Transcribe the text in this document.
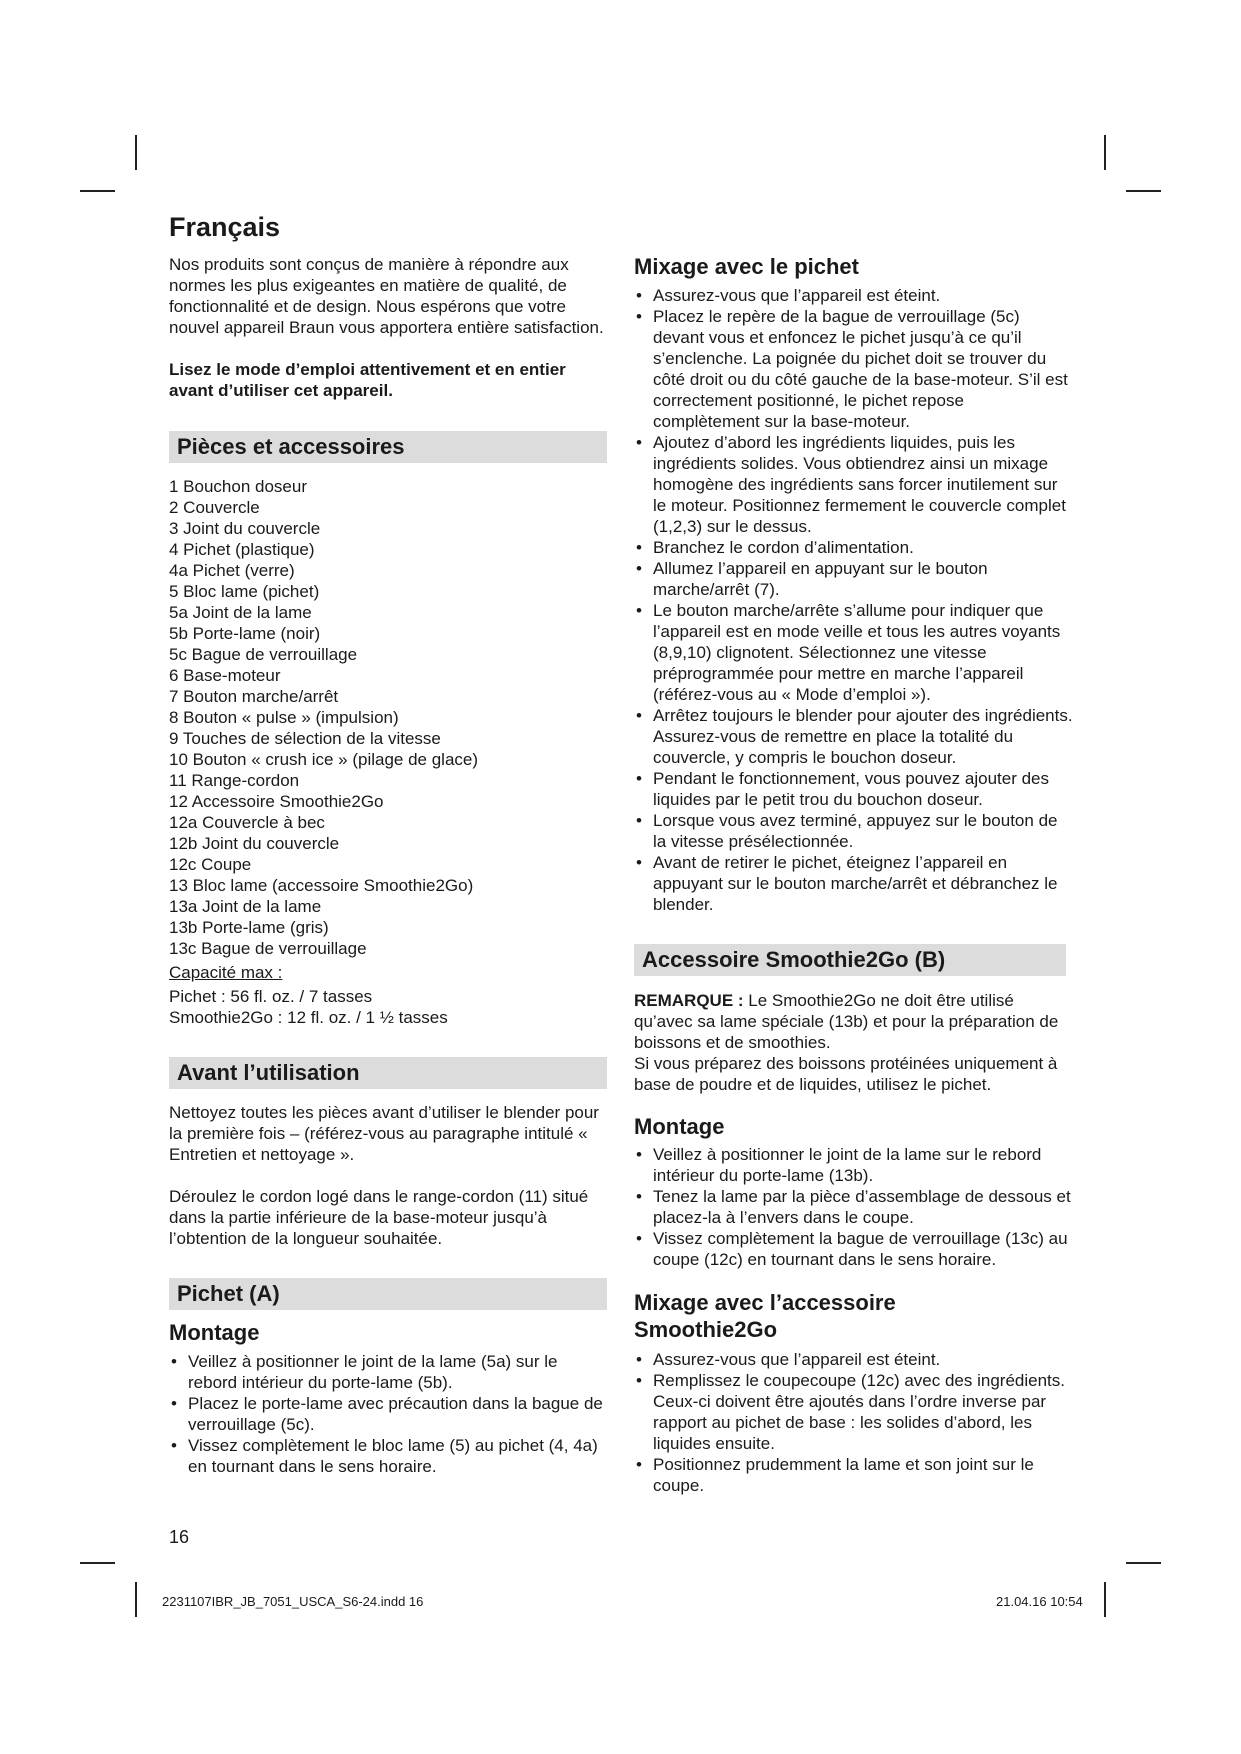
Français

Nos produits sont conçus de manière à répondre aux normes les plus exigeantes en matière de qualité, de fonctionnalité et de design. Nous espérons que votre nouvel appareil Braun vous apportera entière satisfaction.

Lisez le mode d’emploi attentivement et en entier avant d’utiliser cet appareil.

Pièces et accessoires
1 Bouchon doseur
2 Couvercle
3 Joint du couvercle
4 Pichet (plastique)
4a Pichet (verre)
5 Bloc lame (pichet)
5a Joint de la lame
5b Porte-lame (noir)
5c Bague de verrouillage
6 Base-moteur
7 Bouton marche/arrêt
8 Bouton « pulse » (impulsion)
9 Touches de sélection de la vitesse
10 Bouton « crush ice » (pilage de glace)
11 Range-cordon
12 Accessoire Smoothie2Go
12a Couvercle à bec
12b Joint du couvercle
12c Coupe
13 Bloc lame (accessoire Smoothie2Go)
13a Joint de la lame
13b Porte-lame (gris)
13c Bague de verrouillage
Capacité max :
Pichet : 56 fl. oz. / 7 tasses
Smoothie2Go : 12 fl. oz. / 1 ½ tasses
Avant l’utilisation

Nettoyez toutes les pièces avant d’utiliser le blender pour la première fois – (référez-vous au paragraphe intitulé « Entretien et nettoyage ».

Déroulez le cordon logé dans le range-cordon (11) situé dans la partie inférieure de la base-moteur jusqu’à l’obtention de la longueur souhaitée.

Pichet (A)
Montage
• Veillez à positionner le joint de la lame (5a) sur le rebord intérieur du porte-lame (5b).
• Placez le porte-lame avec précaution dans la bague de verrouillage (5c).
• Vissez complètement le bloc lame (5) au pichet (4, 4a) en tournant dans le sens horaire.
Mixage avec le pichet
• Assurez-vous que l’appareil est éteint.
• Placez le repère de la bague de verrouillage (5c) devant vous et enfoncez le pichet jusqu’à ce qu’il s’enclenche. La poignée du pichet doit se trouver du côté droit ou du côté gauche de la base-moteur. S’il est correctement positionné, le pichet repose complètement sur la base-moteur.
• Ajoutez d’abord les ingrédients liquides, puis les ingrédients solides. Vous obtiendrez ainsi un mixage homogène des ingrédients sans forcer inutilement sur le moteur. Positionnez fermement le couvercle complet (1,2,3) sur le dessus.
• Branchez le cordon d’alimentation.
• Allumez l’appareil en appuyant sur le bouton marche/arrêt (7).
• Le bouton marche/arrête s’allume pour indiquer que l’appareil est en mode veille et tous les autres voyants (8,9,10) clignotent. Sélectionnez une vitesse préprogrammée pour mettre en marche l’appareil (référez-vous au « Mode d’emploi »).
• Arrêtez toujours le blender pour ajouter des ingrédients. Assurez-vous de remettre en place la totalité du couvercle, y compris le bouchon doseur.
• Pendant le fonctionnement, vous pouvez ajouter des liquides par le petit trou du bouchon doseur.
• Lorsque vous avez terminé, appuyez sur le bouton de la vitesse présélectionnée.
• Avant de retirer le pichet, éteignez l’appareil en appuyant sur le bouton marche/arrêt et débranchez le blender.
Accessoire Smoothie2Go (B)

REMARQUE : Le Smoothie2Go ne doit être utilisé qu’avec sa lame spéciale (13b) et pour la préparation de boissons et de smoothies.

Si vous préparez des boissons protéinées uniquement à base de poudre et de liquides, utilisez le pichet.

Montage
• Veillez à positionner le joint de la lame sur le rebord intérieur du porte-lame (13b).
• Tenez la lame par la pièce d’assemblage de dessous et placez-la à l’envers dans le coupe.
• Vissez complètement la bague de verrouillage (13c) au coupe (12c) en tournant dans le sens horaire.
Mixage avec l’accessoire Smoothie2Go
• Assurez-vous que l’appareil est éteint.
• Remplissez le coupecoupe (12c) avec des ingrédients. Ceux-ci doivent être ajoutés dans l’ordre inverse par rapport au pichet de base : les solides d’abord, les liquides ensuite.
• Positionnez prudemment la lame et son joint sur le coupe.
16
2231107IBR_JB_7051_USCA_S6-24.indd 16	21.04.16 10:54
